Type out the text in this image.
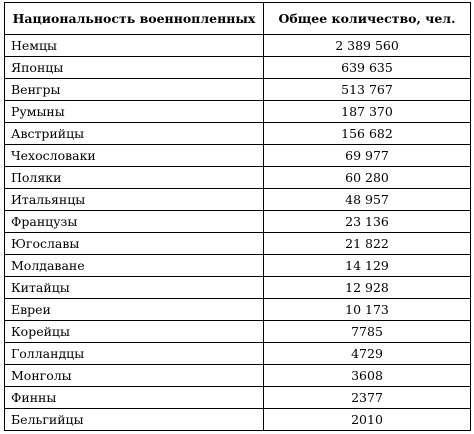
Национальность военнопленных	Общее количество, чел.
Немцы	2 389 560
Японцы	639 635
Венгры	513 767
Румыны	187 370
Австрийцы	156 682
Чехословаки	69 977
Поляки	60 280
Итальянцы	48 957
Французы	23 136
Югославы	21 822
Молдаване	14 129
Китайцы	12 928
Евреи	10 173
Корейцы	7785
Голландцы	4729
Монголы	3608
Финны	2377
Бельгийцы	2010
